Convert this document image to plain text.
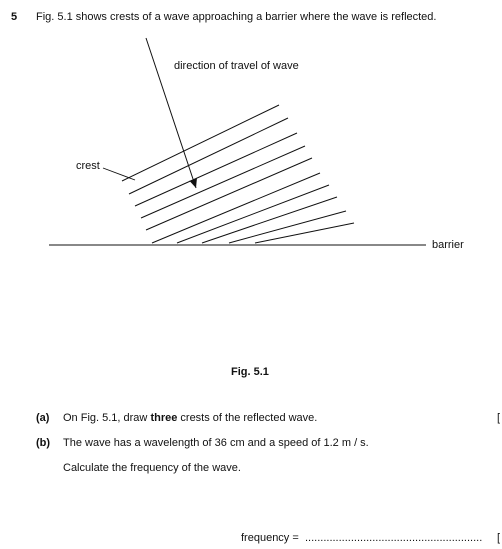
5 Fig. 5.1 shows crests of a wave approaching a barrier where the wave is reflected.
direction of travel of wave
crest
barrier
Fig. 5.1
(a) On Fig. 5.1, draw three crests of the reflected wave.	[
(b) The wave has a wavelength of 36 cm and a speed of 1.2 m / s.
Calculate the frequency of the wave.
frequency = .......................................................... [
